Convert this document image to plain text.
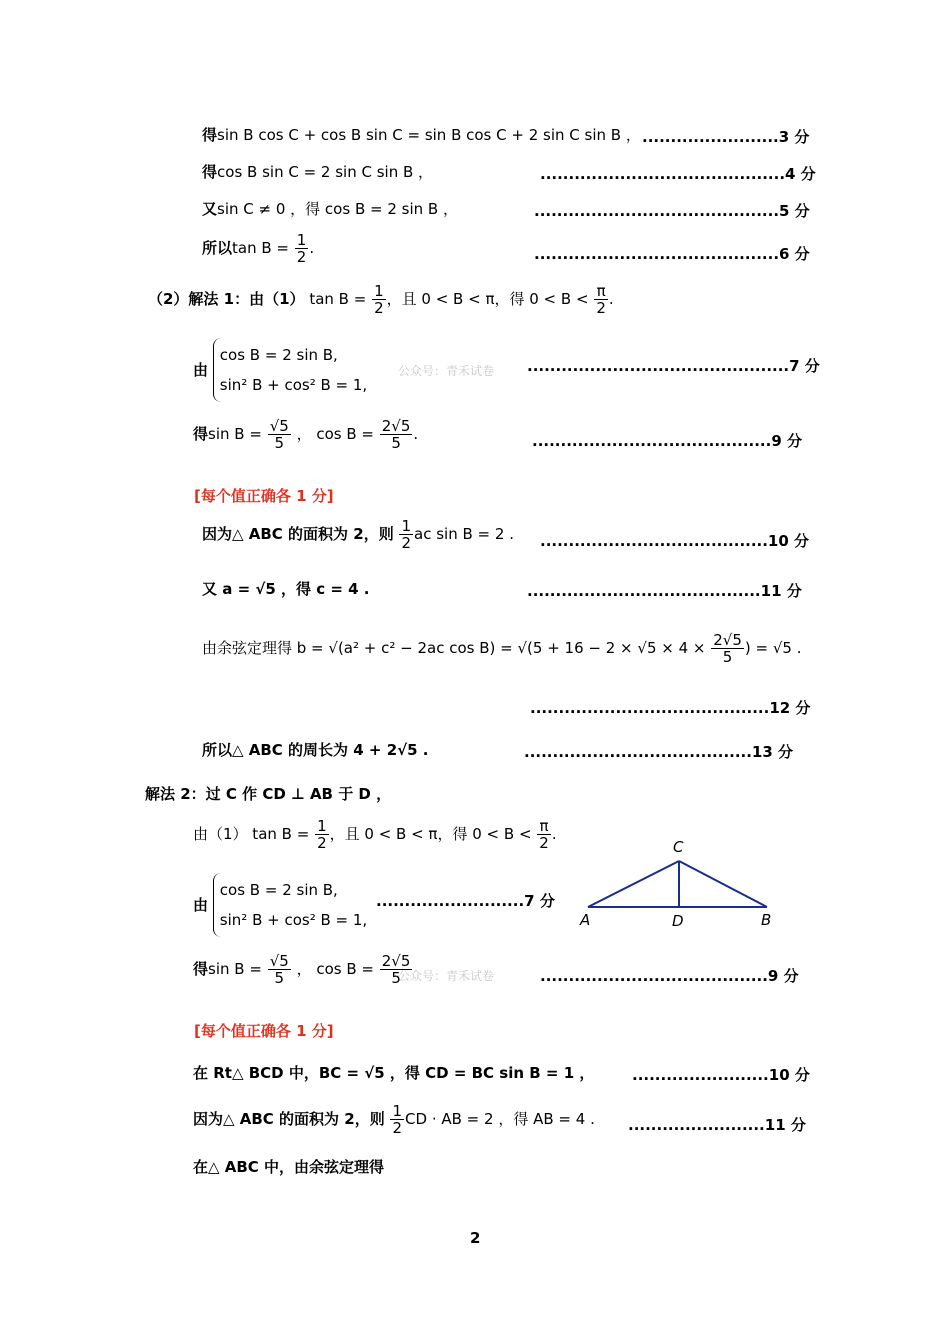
得sin B cos C + cos B sin C = sin B cos C + 2 sin C sin B ， ........................3 分
得cos B sin C = 2 sin C sin B ，	...........................................4 分
又sin C ≠ 0 ，得 cos B = 2 sin B ，	...........................................5 分
所以$\tan B = \frac{1}{2}$ .	...........................................6 分
（2）解法 1：由（1） $\tan B = \frac{1}{2}$ ，且 0 < B < π，得 $0 < B < \frac{\pi}{2}$ .
由
cos B = 2 sin B,
sin² B + cos² B = 1,
公众号：青禾试卷 ..............................................7 分
得$\sin B = \frac{√5}{5}$ ， $\cos B = \frac{2√5}{5}$ .	..........................................9 分
[每个值正确各 1 分]
因为△ ABC 的面积为 2，则 $\frac{1}{2}$ ac sin B = 2 . ........................................10 分
又 a = √5 ，得 c = 4 .	.........................................11 分
由余弦定理得 b = √(a² + c² − 2ac $\cos B) = √(5 + 16 - 2 \times √5 \times 4 \times \frac{2√5}{5}$ ) = √5 .
..........................................12 分
所以△ ABC 的周长为 4 + 2√5 .	........................................13 分
解法 2：过 C 作 CD ⊥ AB 于 D ，
由（1） $\tan B = \frac{1}{2}$ ，且 0 < B < π，得 $0 < B < \frac{\pi}{2}$ .
由
cos B = 2 sin B,
sin² B + cos² B = 1,
..........................7 分
C
A	D	B
得$\sin B = \frac{√5}{5}$ ， $\cos B = \frac{2√5}{5}$
公众号：青禾试卷	........................................9 分
[每个值正确各 1 分]
在 Rt△ BCD 中，BC = √5 ，得 CD = BC sin B = 1 ，	........................10 分
因为△ ABC 的面积为 2，则 $\frac{1}{2}$ CD · AB = 2 ，得 AB = 4 . ........................11 分
在△ ABC 中，由余弦定理得
2
